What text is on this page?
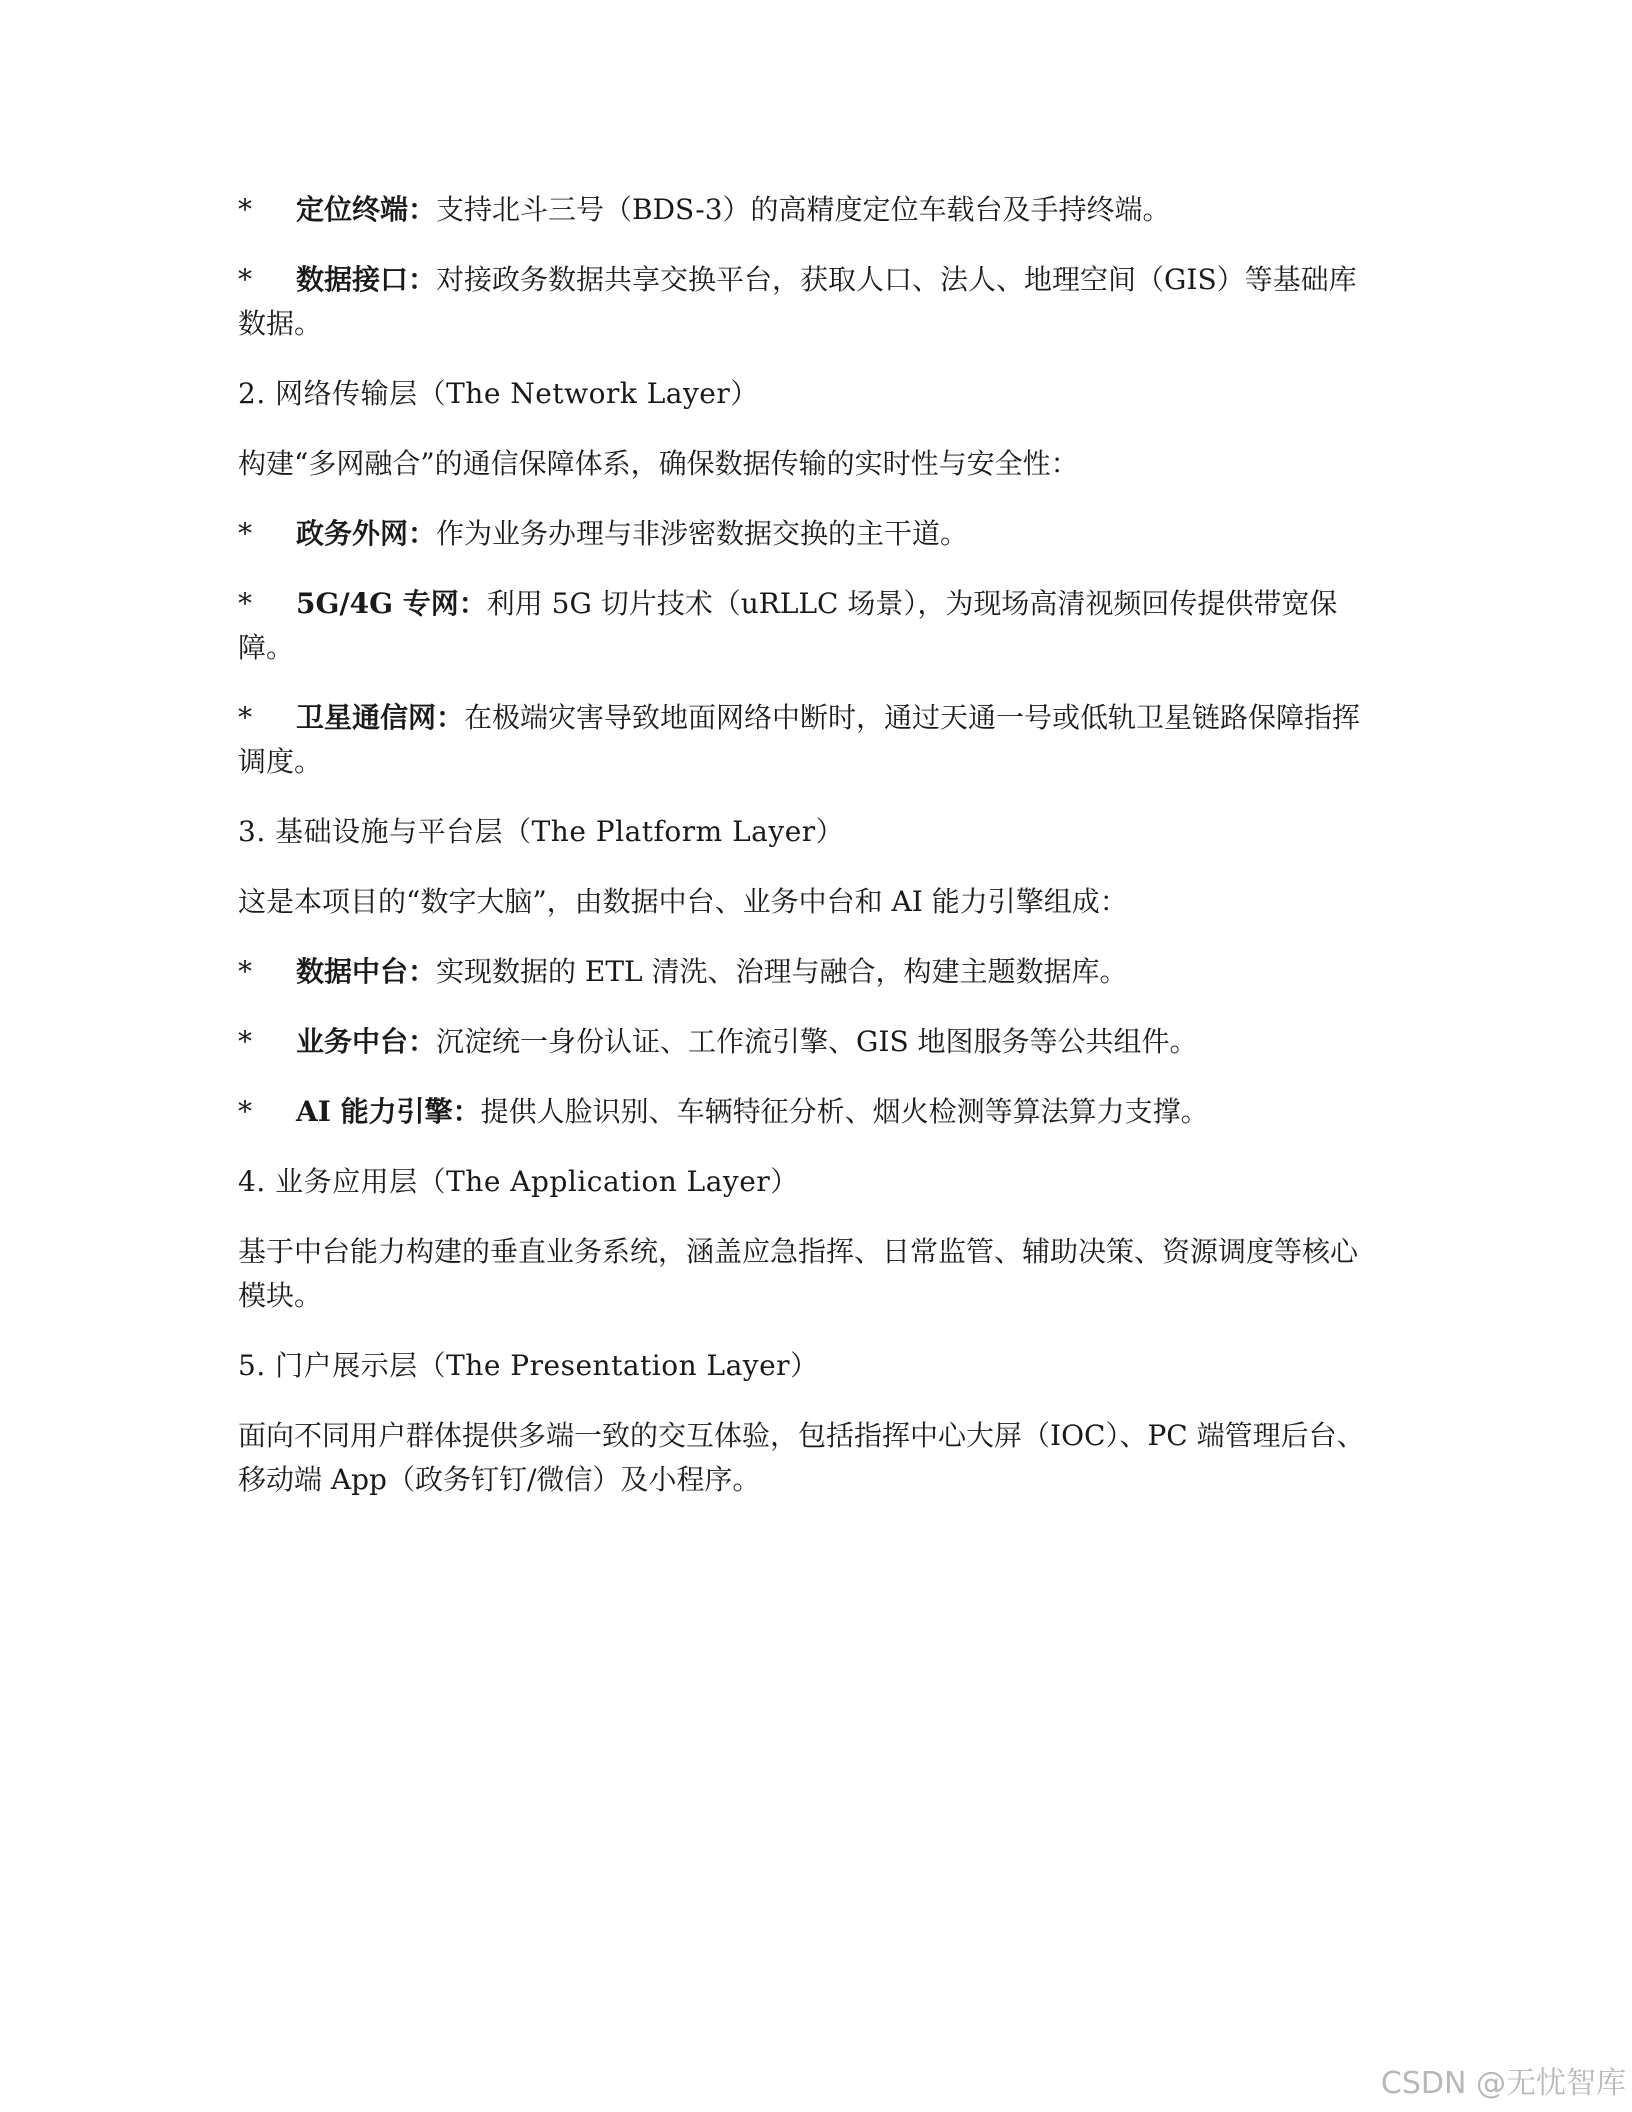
* 定位终端：支持北斗三号（BDS-3）的高精度定位车载台及手持终端。

* 数据接口：对接政务数据共享交换平台，获取人口、法人、地理空间（GIS）等基础库数据。

2. 网络传输层（The Network Layer）

构建“多网融合”的通信保障体系，确保数据传输的实时性与安全性：

* 政务外网：作为业务办理与非涉密数据交换的主干道。

* 5G/4G 专网：利用 5G 切片技术（uRLLC 场景），为现场高清视频回传提供带宽保障。

* 卫星通信网：在极端灾害导致地面网络中断时，通过天通一号或低轨卫星链路保障指挥调度。

3. 基础设施与平台层（The Platform Layer）

这是本项目的“数字大脑”，由数据中台、业务中台和 AI 能力引擎组成：

* 数据中台：实现数据的 ETL 清洗、治理与融合，构建主题数据库。

* 业务中台：沉淀统一身份认证、工作流引擎、GIS 地图服务等公共组件。

* AI 能力引擎：提供人脸识别、车辆特征分析、烟火检测等算法算力支撑。

4. 业务应用层（The Application Layer）

基于中台能力构建的垂直业务系统，涵盖应急指挥、日常监管、辅助决策、资源调度等核心模块。

5. 门户展示层（The Presentation Layer）

面向不同用户群体提供多端一致的交互体验，包括指挥中心大屏（IOC）、PC 端管理后台、移动端 App（政务钉钉/微信）及小程序。

CSDN @无忧智库
